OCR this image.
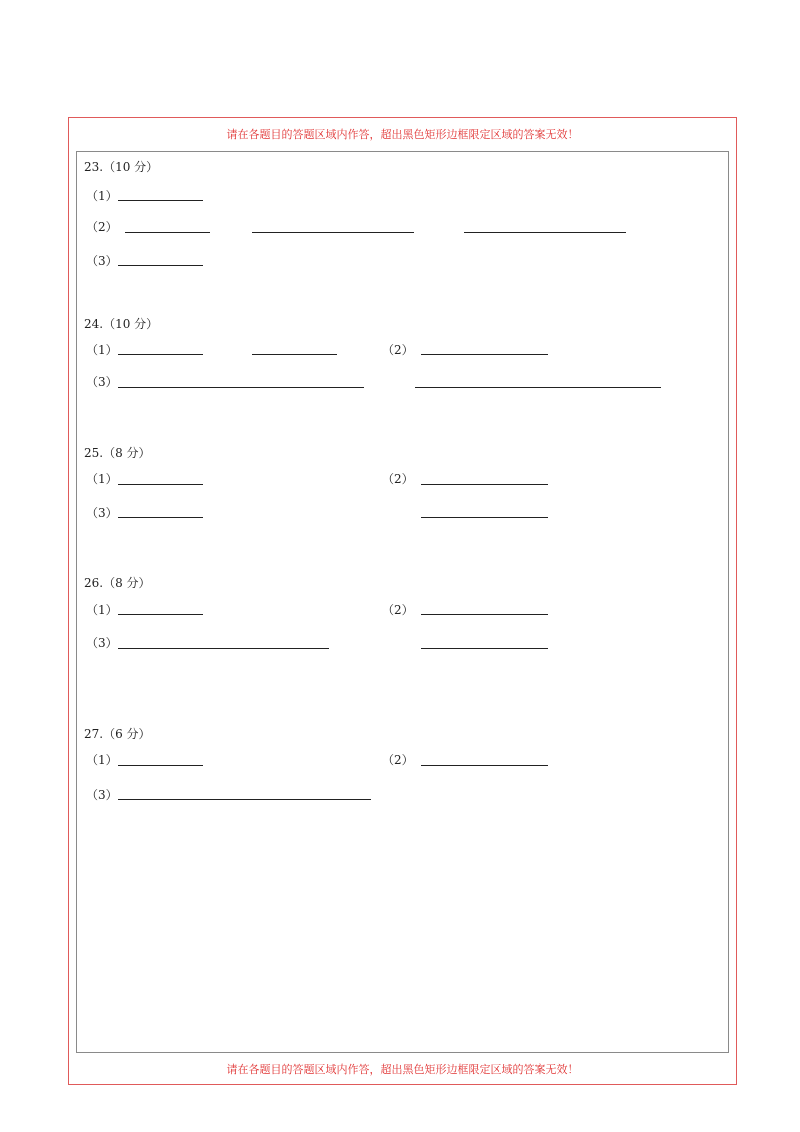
请在各题目的答题区域内作答，超出黑色矩形边框限定区域的答案无效！
请在各题目的答题区域内作答，超出黑色矩形边框限定区域的答案无效！
23.（10 分）
（1）
（2）
（3）
24.（10 分）
（1）	（2）
（3）
25.（8 分）
（1）	（2）
（3）
26.（8 分）
（1）	（2）
（3）
27.（6 分）
（1）	（2）
（3）
